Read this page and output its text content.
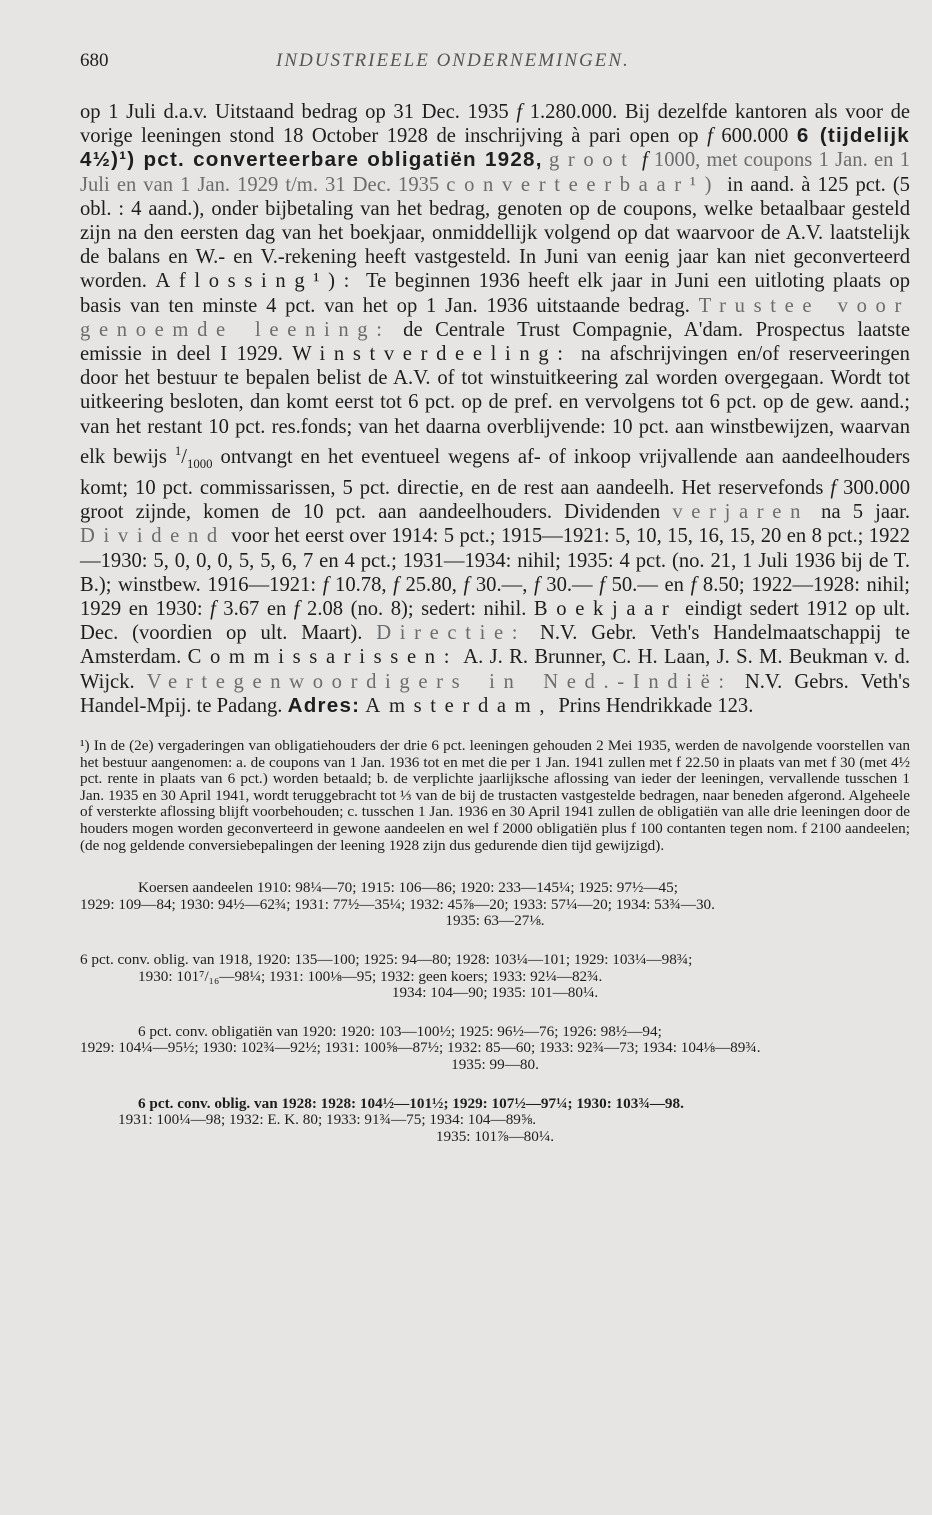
680	INDUSTRIEELE ONDERNEMINGEN.

op 1 Juli d.a.v. Uitstaand bedrag op 31 Dec. 1935 f 1.280.000. Bij dezelfde kantoren als voor de vorige leeningen stond 18 October 1928 de inschrijving à pari open op f 600.000 6 (tijdelijk 4½)¹) pct. converteerbare obligatiën 1928, groot f 1000, met coupons 1 Jan. en 1 Juli en van 1 Jan. 1929 t/m. 31 Dec. 1935 converteerbaar¹) in aand. à 125 pct. (5 obl. : 4 aand.), onder bijbetaling van het bedrag, genoten op de coupons, welke betaalbaar gesteld zijn na den eersten dag van het boekjaar, onmiddellijk volgend op dat waarvoor de A.V. laatstelijk de balans en W.- en V.-rekening heeft vastgesteld. In Juni van eenig jaar kan niet geconverteerd worden. Aflossing¹): Te beginnen 1936 heeft elk jaar in Juni een uitloting plaats op basis van ten minste 4 pct. van het op 1 Jan. 1936 uitstaande bedrag. Trustee voor genoemde leening: de Centrale Trust Compagnie, A'dam. Prospectus laatste emissie in deel I 1929. Winstverdeeling: na afschrijvingen en/of reserveeringen door het bestuur te bepalen belist de A.V. of tot winstuitkeering zal worden overgegaan. Wordt tot uitkeering besloten, dan komt eerst tot 6 pct. op de pref. en vervolgens tot 6 pct. op de gew. aand.; van het restant 10 pct. res.fonds; van het daarna overblijvende: 10 pct. aan winstbewijzen, waarvan elk bewijs $^1/_{1000}$ ontvangt en het eventueel wegens af- of inkoop vrijvallende aan aandeelhouders komt; 10 pct. commissarissen, 5 pct. directie, en de rest aan aandeelh. Het reservefonds f 300.000 groot zijnde, komen de 10 pct. aan aandeelhouders. Dividenden verjaren na 5 jaar. Dividend voor het eerst over 1914: 5 pct.; 1915—1921: 5, 10, 15, 16, 15, 20 en 8 pct.; 1922—1930: 5, 0, 0, 0, 5, 5, 6, 7 en 4 pct.; 1931—1934: nihil; 1935: 4 pct. (no. 21, 1 Juli 1936 bij de T. B.); winstbew. 1916—1921: f 10.78, f 25.80, f 30.—, f 30.— f 50.— en f 8.50; 1922—1928: nihil; 1929 en 1930: f 3.67 en f 2.08 (no. 8); sedert: nihil. Boekjaar eindigt sedert 1912 op ult. Dec. (voordien op ult. Maart). Directie: N.V. Gebr. Veth's Handelmaatschappij te Amsterdam. Commissarissen: A. J. R. Brunner, C. H. Laan, J. S. M. Beukman v. d. Wijck. Vertegenwoordigers in Ned.-Indië: N.V. Gebrs. Veth's Handel-Mpij. te Padang. Adres: Amsterdam, Prins Hendrikkade 123.

¹) In de (2e) vergaderingen van obligatiehouders der drie 6 pct. leeningen gehouden 2 Mei 1935, werden de navolgende voorstellen van het bestuur aangenomen: a. de coupons van 1 Jan. 1936 tot en met die per 1 Jan. 1941 zullen met f 22.50 in plaats van met f 30 (met 4½ pct. rente in plaats van 6 pct.) worden betaald; b. de verplichte jaarlijksche aflossing van ieder der leeningen, vervallende tusschen 1 Jan. 1935 en 30 April 1941, wordt teruggebracht tot ⅓ van de bij de trustacten vastgestelde bedragen, naar beneden afgerond. Algeheele of versterkte aflossing blijft voorbehouden; c. tusschen 1 Jan. 1936 en 30 April 1941 zullen de obligatiën van alle drie leeningen door de houders mogen worden geconverteerd in gewone aandeelen en wel f 2000 obligatiën plus f 100 contanten tegen nom. f 2100 aandeelen; (de nog geldende conversiebepalingen der leening 1928 zijn dus gedurende dien tijd gewijzigd).

Koersen aandeelen 1910: 98¼—70; 1915: 106—86; 1920: 233—145¼; 1925: 97½—45;
1929: 109—84; 1930: 94½—62¾; 1931: 77½—35¼; 1932: 45⅞—20; 1933: 57¼—20; 1934: 53¾—30.
1935: 63—27⅛.
6 pct. conv. oblig. van 1918, 1920: 135—100; 1925: 94—80; 1928: 103¼—101; 1929: 103¼—98¾;
1930: 101⁷/₁₆—98¼; 1931: 100⅛—95; 1932: geen koers; 1933: 92¼—82¾.
1934: 104—90; 1935: 101—80¼.
6 pct. conv. obligatiën van 1920: 1920: 103—100½; 1925: 96½—76; 1926: 98½—94;
1929: 104¼—95½; 1930: 102¾—92½; 1931: 100⅝—87½; 1932: 85—60; 1933: 92¾—73; 1934: 104⅛—89¾.
1935: 99—80.
6 pct. conv. oblig. van 1928: 1928: 104½—101½; 1929: 107½—97¼; 1930: 103¾—98.
1931: 100¼—98; 1932: E. K. 80; 1933: 91¾—75; 1934: 104—89⅝.
1935: 101⅞—80¼.
